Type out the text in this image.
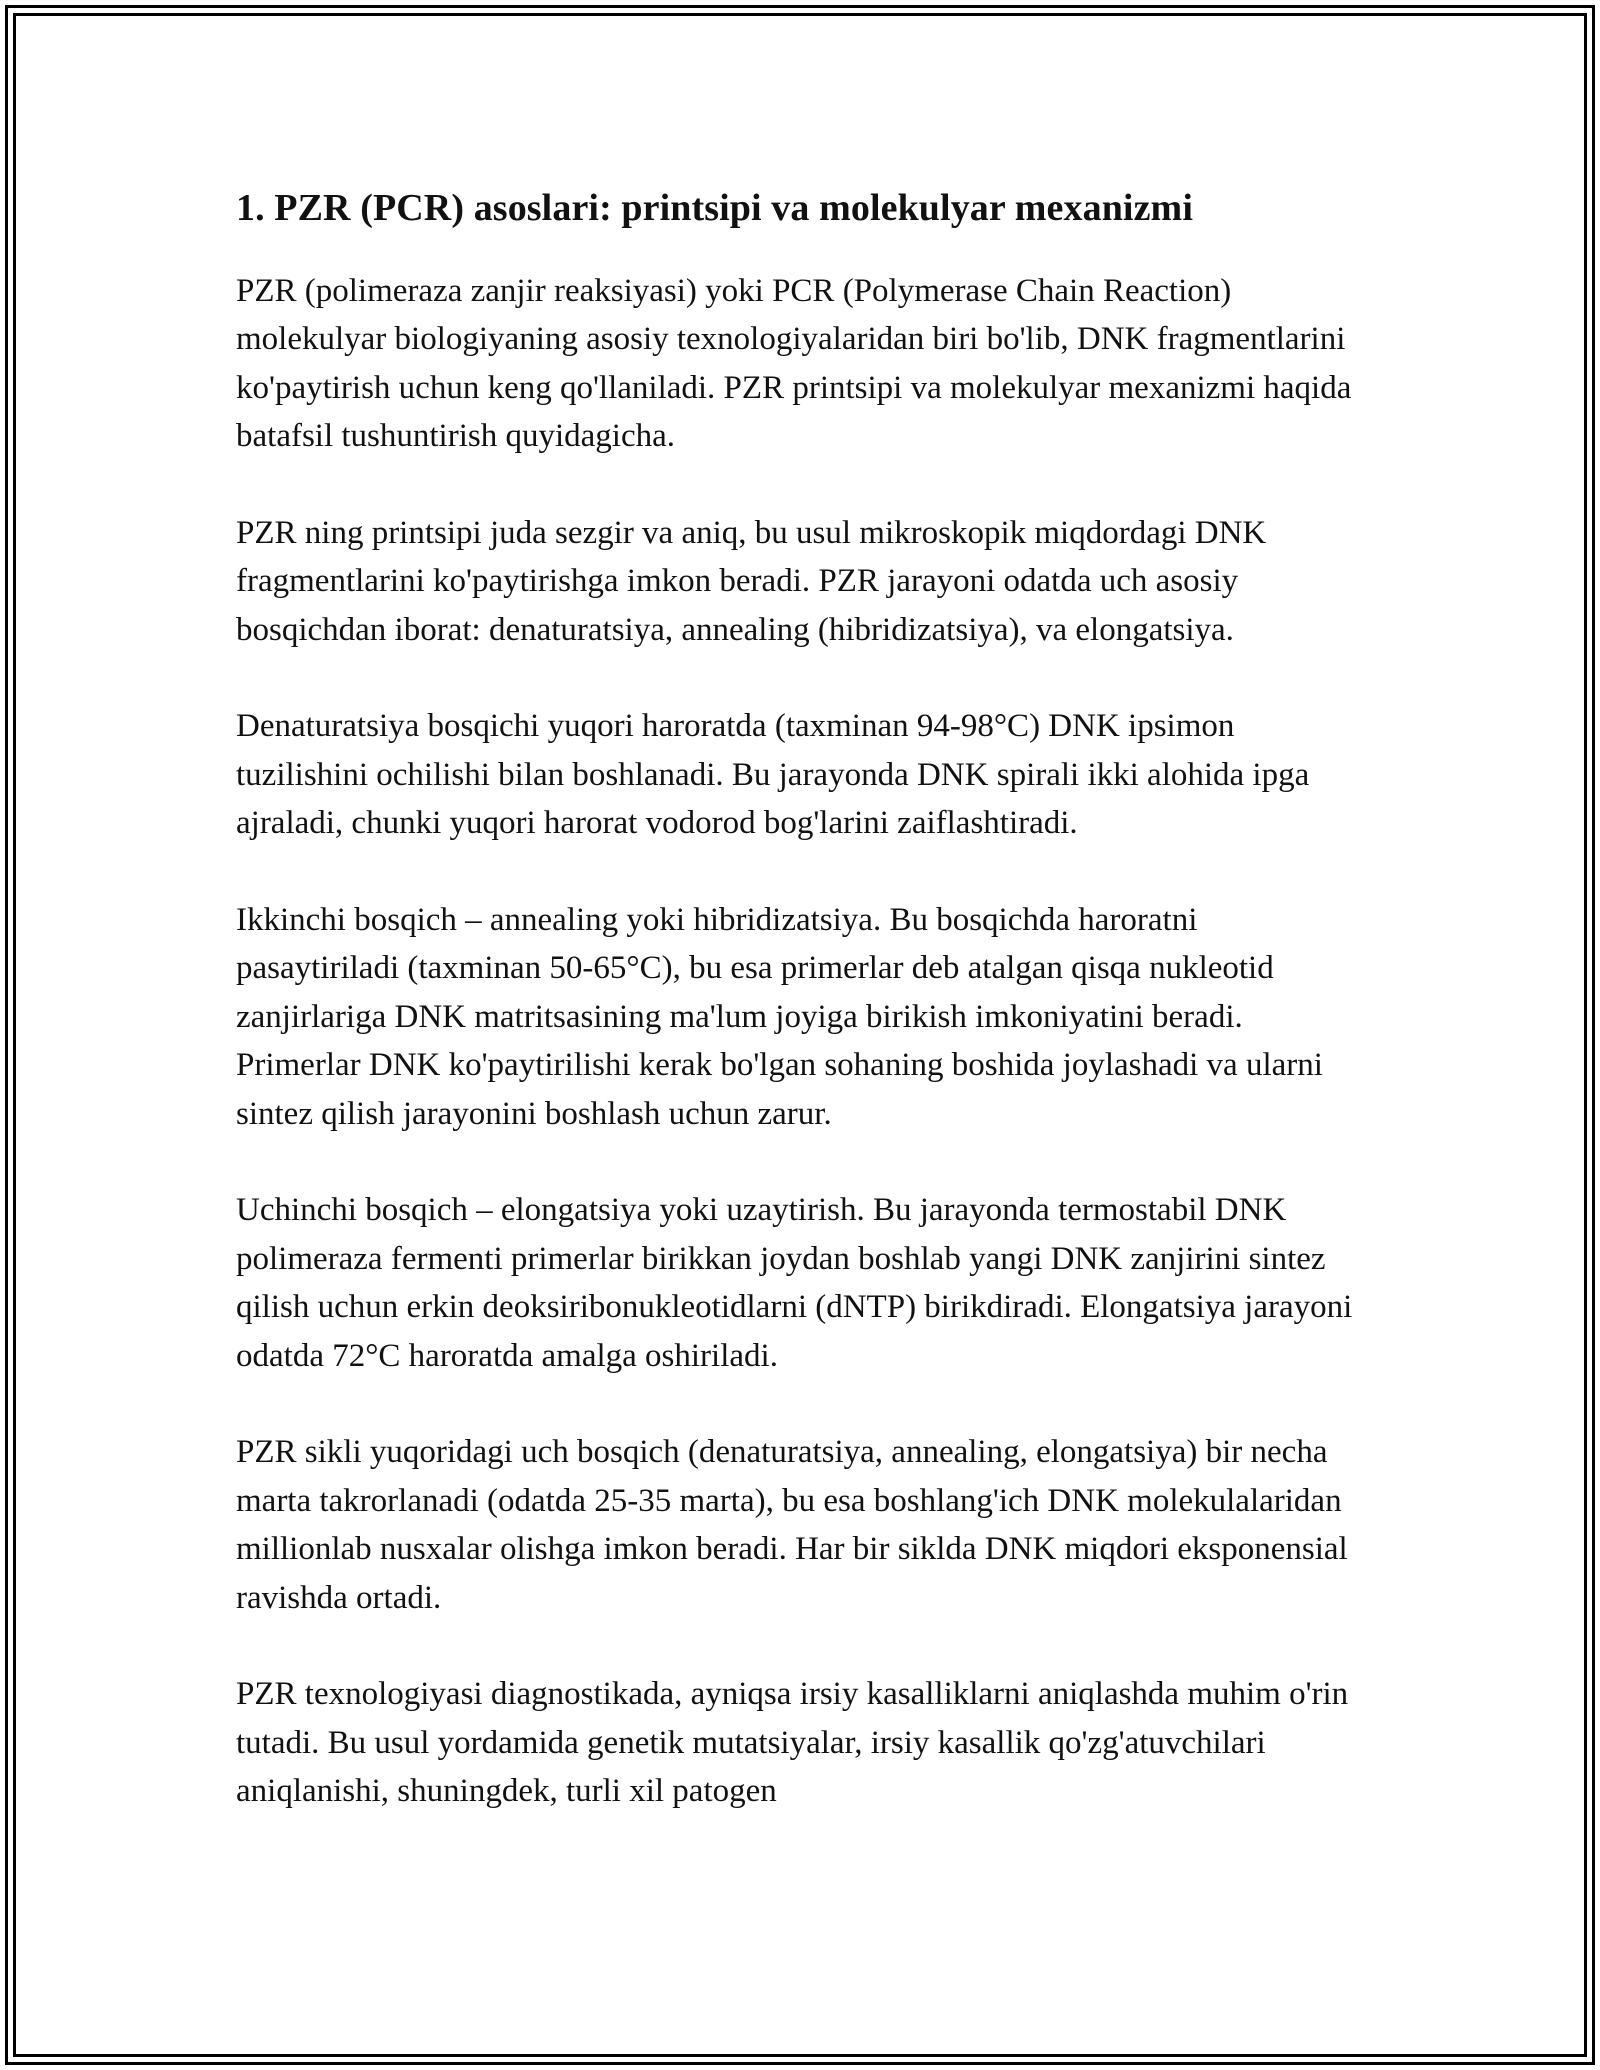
1. PZR (PCR) asoslari: printsipi va molekulyar mexanizmi

PZR (polimeraza zanjir reaksiyasi) yoki PCR (Polymerase Chain Reaction) molekulyar biologiyaning asosiy texnologiyalaridan biri bo'lib, DNK fragmentlarini ko'paytirish uchun keng qo'llaniladi. PZR printsipi va molekulyar mexanizmi haqida batafsil tushuntirish quyidagicha.

PZR ning printsipi juda sezgir va aniq, bu usul mikroskopik miqdordagi DNK fragmentlarini ko'paytirishga imkon beradi. PZR jarayoni odatda uch asosiy bosqichdan iborat: denaturatsiya, annealing (hibridizatsiya), va elongatsiya.

Denaturatsiya bosqichi yuqori haroratda (taxminan 94-98°C) DNK ipsimon tuzilishini ochilishi bilan boshlanadi. Bu jarayonda DNK spirali ikki alohida ipga ajraladi, chunki yuqori harorat vodorod bog'larini zaiflashtiradi.

Ikkinchi bosqich – annealing yoki hibridizatsiya. Bu bosqichda haroratni pasaytiriladi (taxminan 50-65°C), bu esa primerlar deb atalgan qisqa nukleotid zanjirlariga DNK matritsasining ma'lum joyiga birikish imkoniyatini beradi. Primerlar DNK ko'paytirilishi kerak bo'lgan sohaning boshida joylashadi va ularni sintez qilish jarayonini boshlash uchun zarur.

Uchinchi bosqich – elongatsiya yoki uzaytirish. Bu jarayonda termostabil DNK polimeraza fermenti primerlar birikkan joydan boshlab yangi DNK zanjirini sintez qilish uchun erkin deoksiribonukleotidlarni (dNTP) birikdiradi. Elongatsiya jarayoni odatda 72°C haroratda amalga oshiriladi.

PZR sikli yuqoridagi uch bosqich (denaturatsiya, annealing, elongatsiya) bir necha marta takrorlanadi (odatda 25-35 marta), bu esa boshlang'ich DNK molekulalaridan millionlab nusxalar olishga imkon beradi. Har bir siklda DNK miqdori eksponensial ravishda ortadi.

PZR texnologiyasi diagnostikada, ayniqsa irsiy kasalliklarni aniqlashda muhim o'rin tutadi. Bu usul yordamida genetik mutatsiyalar, irsiy kasallik qo'zg'atuvchilari aniqlanishi, shuningdek, turli xil patogen
